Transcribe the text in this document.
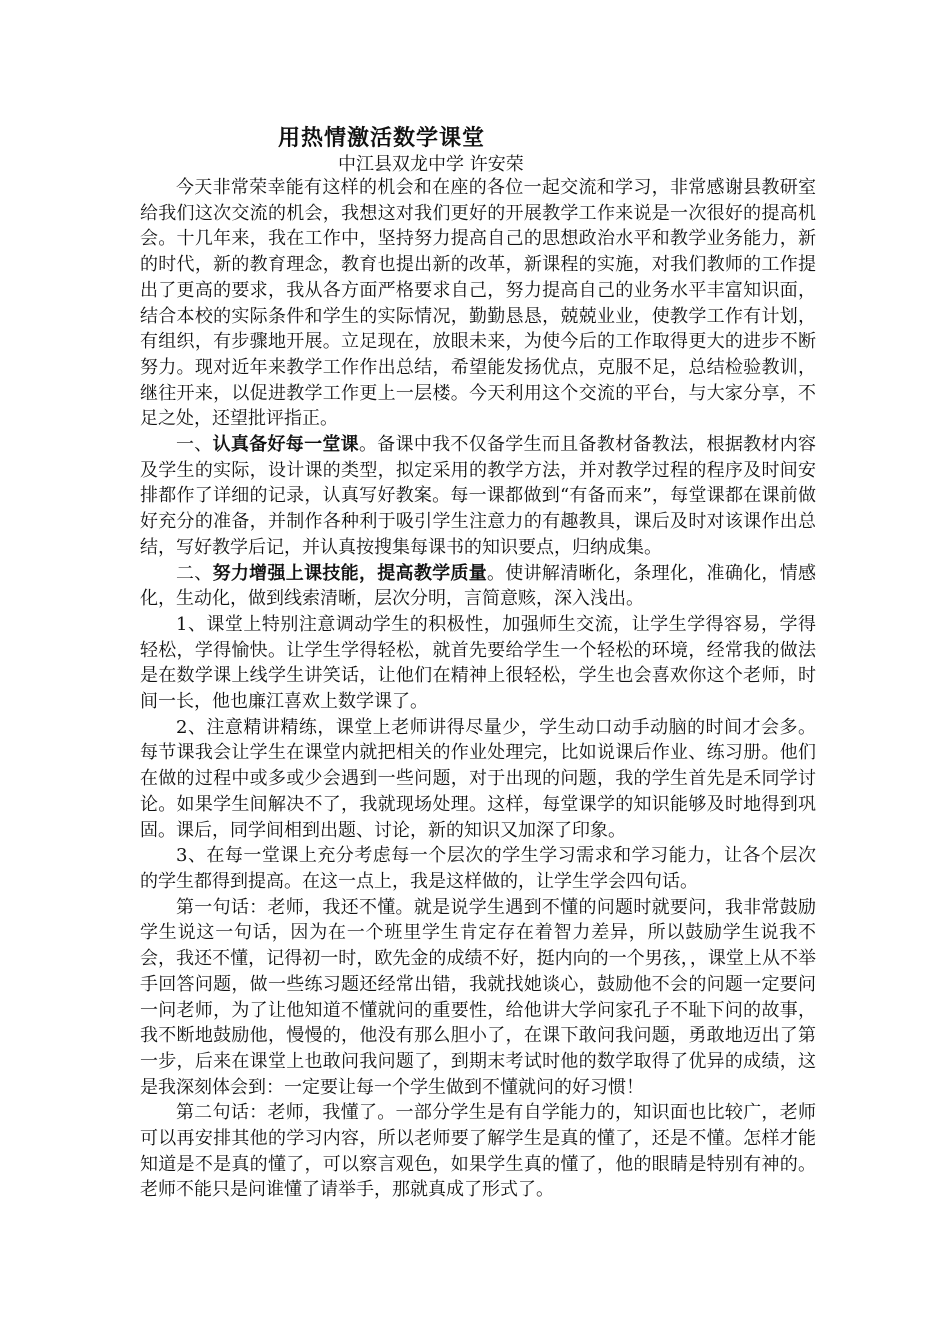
用热情激活数学课堂
中江县双龙中学 许安荣

今天非常荣幸能有这样的机会和在座的各位一起交流和学习，非常感谢县教研室给我们这次交流的机会，我想这对我们更好的开展教学工作来说是一次很好的提高机会。十几年来，我在工作中，坚持努力提高自己的思想政治水平和教学业务能力，新的时代，新的教育理念，教育也提出新的改革，新课程的实施，对我们教师的工作提出了更高的要求，我从各方面严格要求自己，努力提高自己的业务水平丰富知识面，结合本校的实际条件和学生的实际情况，勤勤恳恳，兢兢业业，使教学工作有计划，有组织，有步骤地开展。立足现在，放眼未来，为使今后的工作取得更大的进步不断努力。现对近年来教学工作作出总结，希望能发扬优点，克服不足，总结检验教训，继往开来，以促进教学工作更上一层楼。今天利用这个交流的平台，与大家分享，不足之处，还望批评指正。

一、认真备好每一堂课。备课中我不仅备学生而且备教材备教法，根据教材内容及学生的实际，设计课的类型，拟定采用的教学方法，并对教学过程的程序及时间安排都作了详细的记录，认真写好教案。每一课都做到“有备而来”，每堂课都在课前做好充分的准备，并制作各种利于吸引学生注意力的有趣教具，课后及时对该课作出总结，写好教学后记，并认真按搜集每课书的知识要点，归纳成集。

二、努力增强上课技能，提高教学质量。使讲解清晰化，条理化，准确化，情感化，生动化，做到线索清晰，层次分明，言简意赅，深入浅出。

1、课堂上特别注意调动学生的积极性，加强师生交流，让学生学得容易，学得轻松，学得愉快。让学生学得轻松，就首先要给学生一个轻松的环境，经常我的做法是在数学课上线学生讲笑话，让他们在精神上很轻松，学生也会喜欢你这个老师，时间一长，他也廉江喜欢上数学课了。

2、注意精讲精练，课堂上老师讲得尽量少，学生动口动手动脑的时间才会多。每节课我会让学生在课堂内就把相关的作业处理完，比如说课后作业、练习册。他们在做的过程中或多或少会遇到一些问题，对于出现的问题，我的学生首先是禾同学讨论。如果学生间解决不了，我就现场处理。这样，每堂课学的知识能够及时地得到巩固。课后，同学间相到出题、讨论，新的知识又加深了印象。

3、在每一堂课上充分考虑每一个层次的学生学习需求和学习能力，让各个层次的学生都得到提高。在这一点上，我是这样做的，让学生学会四句话。

第一句话：老师，我还不懂。就是说学生遇到不懂的问题时就要问，我非常鼓励学生说这一句话，因为在一个班里学生肯定存在着智力差异，所以鼓励学生说我不会，我还不懂，记得初一时，欧先金的成绩不好，挺内向的一个男孩，，课堂上从不举手回答问题，做一些练习题还经常出错，我就找她谈心，鼓励他不会的问题一定要问一问老师，为了让他知道不懂就问的重要性，给他讲大学问家孔子不耻下问的故事，我不断地鼓励他，慢慢的，他没有那么胆小了，在课下敢问我问题，勇敢地迈出了第一步，后来在课堂上也敢问我问题了，到期末考试时他的数学取得了优异的成绩，这是我深刻体会到：一定要让每一个学生做到不懂就问的好习惯！

第二句话：老师，我懂了。一部分学生是有自学能力的，知识面也比较广，老师可以再安排其他的学习内容，所以老师要了解学生是真的懂了，还是不懂。怎样才能知道是不是真的懂了，可以察言观色，如果学生真的懂了，他的眼睛是特别有神的。老师不能只是问谁懂了请举手，那就真成了形式了。
